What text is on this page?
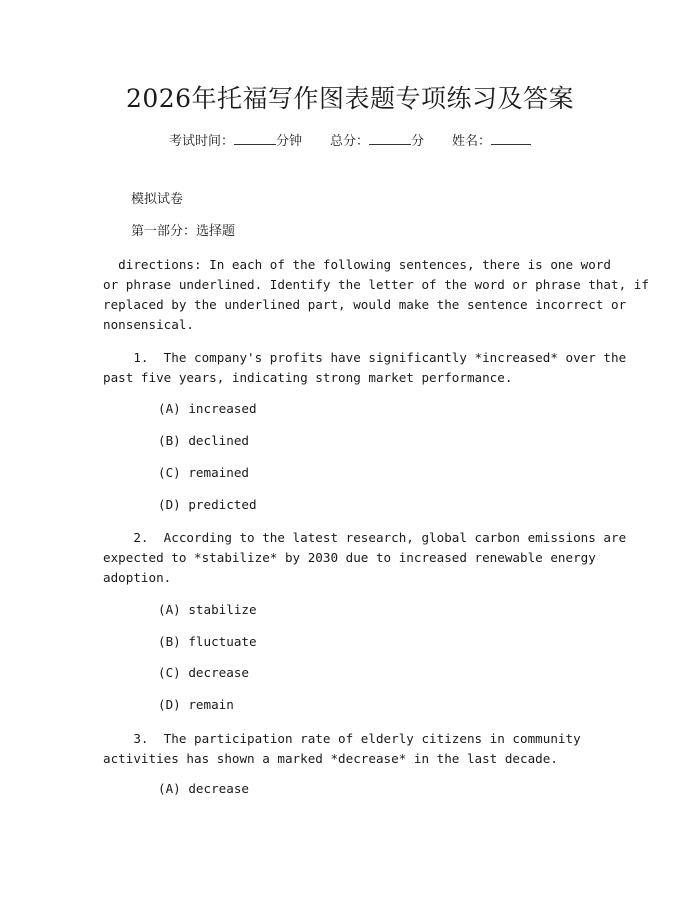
2026年托福写作图表题专项练习及答案
考试时间：	分钟 总分：	分 姓名：
模拟试卷
第一部分：选择题
directions: In each of the following sentences, there is one word
or phrase underlined. Identify the letter of the word or phrase that, if
replaced by the underlined part, would make the sentence incorrect or
nonsensical.
1.  The company's profits have significantly *increased* over the
past five years, indicating strong market performance.
(A) increased
(B) declined
(C) remained
(D) predicted
2.  According to the latest research, global carbon emissions are
expected to *stabilize* by 2030 due to increased renewable energy
adoption.
(A) stabilize
(B) fluctuate
(C) decrease
(D) remain
3.  The participation rate of elderly citizens in community
activities has shown a marked *decrease* in the last decade.
(A) decrease
